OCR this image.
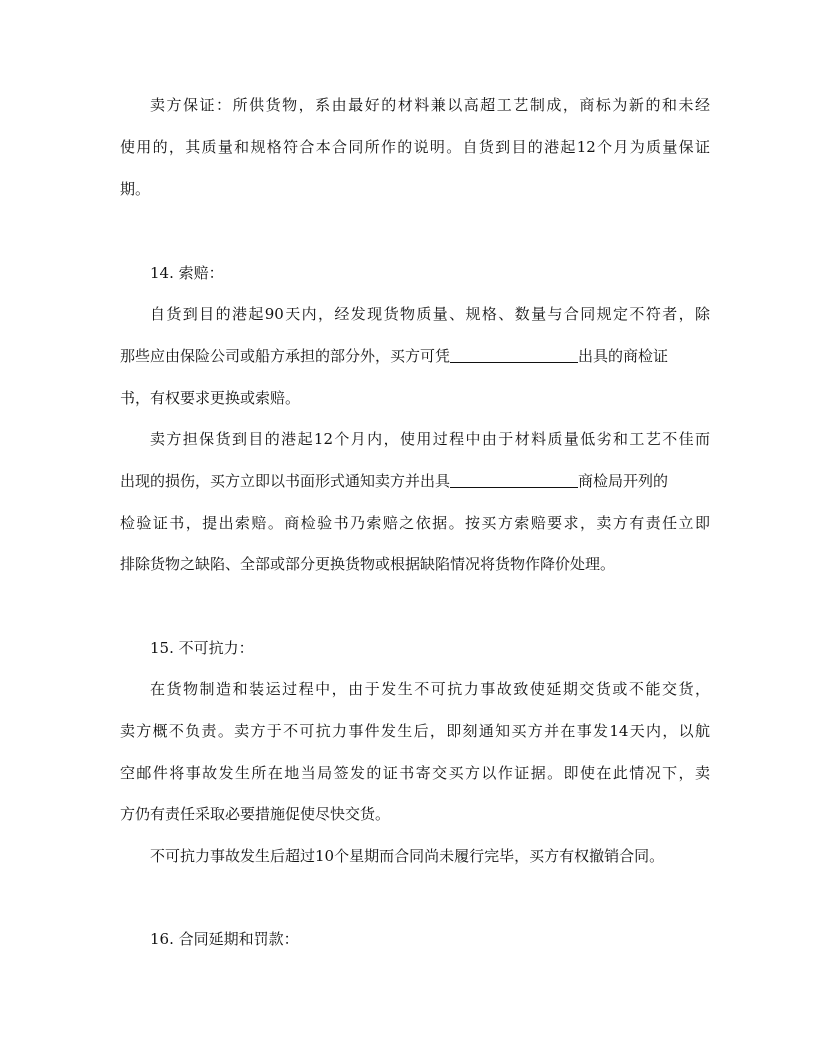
卖方保证：所供货物，系由最好的材料兼以高超工艺制成，商标为新的和未经
使用的，其质量和规格符合本合同所作的说明。自货到目的港起12个月为质量保证
期。
14. 索赔：
自货到目的港起90天内，经发现货物质量、规格、数量与合同规定不符者，除
那些应由保险公司或船方承担的部分外，买方可凭	出具的商检证
书，有权要求更换或索赔。
卖方担保货到目的港起12个月内，使用过程中由于材料质量低劣和工艺不佳而
出现的损伤，买方立即以书面形式通知卖方并出具	商检局开列的
检验证书，提出索赔。商检验书乃索赔之依据。按买方索赔要求，卖方有责任立即
排除货物之缺陷、全部或部分更换货物或根据缺陷情况将货物作降价处理。
15. 不可抗力：
在货物制造和装运过程中，由于发生不可抗力事故致使延期交货或不能交货，
卖方概不负责。卖方于不可抗力事件发生后，即刻通知买方并在事发14天内，以航
空邮件将事故发生所在地当局签发的证书寄交买方以作证据。即使在此情况下，卖
方仍有责任采取必要措施促使尽快交货。
不可抗力事故发生后超过10个星期而合同尚未履行完毕，买方有权撤销合同。
16. 合同延期和罚款：
